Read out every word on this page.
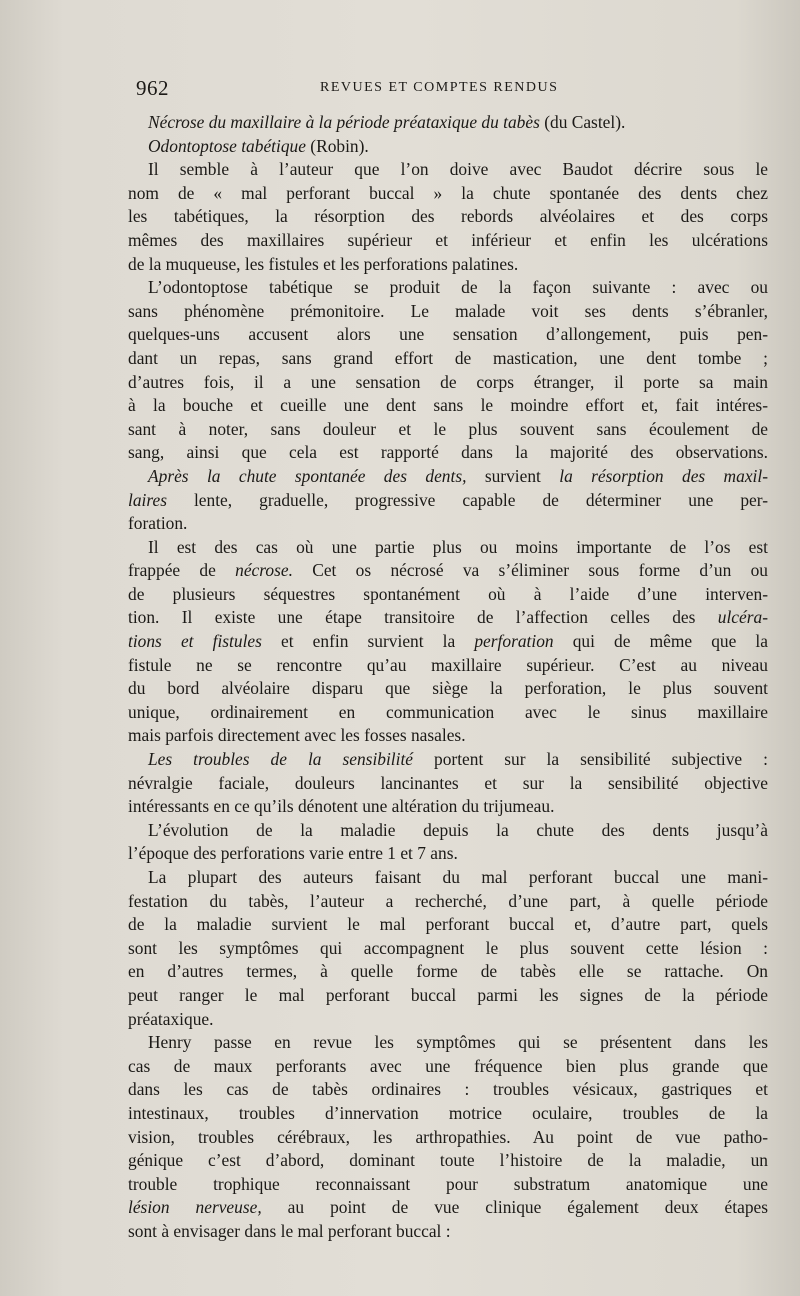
962	REVUES ET COMPTES RENDUS
Nécrose du maxillaire à la période préataxique du tabès (du Castel).
Odontoptose tabétique (Robin).
Il semble à l’auteur que l’on doive avec Baudot décrire sous le
nom de « mal perforant buccal » la chute spontanée des dents chez
les tabétiques, la résorption des rebords alvéolaires et des corps
mêmes des maxillaires supérieur et inférieur et enfin les ulcérations
de la muqueuse, les fistules et les perforations palatines.
L’odontoptose tabétique se produit de la façon suivante : avec ou
sans phénomène prémonitoire. Le malade voit ses dents s’ébranler,
quelques-uns accusent alors une sensation d’allongement, puis pen-
dant un repas, sans grand effort de mastication, une dent tombe ;
d’autres fois, il a une sensation de corps étranger, il porte sa main
à la bouche et cueille une dent sans le moindre effort et, fait intéres-
sant à noter, sans douleur et le plus souvent sans écoulement de
sang, ainsi que cela est rapporté dans la majorité des observations.
Après la chute spontanée des dents, survient la résorption des maxil-
laires lente, graduelle, progressive capable de déterminer une per-
foration.
Il est des cas où une partie plus ou moins importante de l’os est
frappée de nécrose. Cet os nécrosé va s’éliminer sous forme d’un ou
de plusieurs séquestres spontanément où à l’aide d’une interven-
tion. Il existe une étape transitoire de l’affection celles des ulcéra-
tions et fistules et enfin survient la perforation qui de même que la
fistule ne se rencontre qu’au maxillaire supérieur. C’est au niveau
du bord alvéolaire disparu que siège la perforation, le plus souvent
unique, ordinairement en communication avec le sinus maxillaire
mais parfois directement avec les fosses nasales.
Les troubles de la sensibilité portent sur la sensibilité subjective :
névralgie faciale, douleurs lancinantes et sur la sensibilité objective
intéressants en ce qu’ils dénotent une altération du trijumeau.
L’évolution de la maladie depuis la chute des dents jusqu’à
l’époque des perforations varie entre 1 et 7 ans.
La plupart des auteurs faisant du mal perforant buccal une mani-
festation du tabès, l’auteur a recherché, d’une part, à quelle période
de la maladie survient le mal perforant buccal et, d’autre part, quels
sont les symptômes qui accompagnent le plus souvent cette lésion :
en d’autres termes, à quelle forme de tabès elle se rattache. On
peut ranger le mal perforant buccal parmi les signes de la période
préataxique.
Henry passe en revue les symptômes qui se présentent dans les
cas de maux perforants avec une fréquence bien plus grande que
dans les cas de tabès ordinaires : troubles vésicaux, gastriques et
intestinaux, troubles d’innervation motrice oculaire, troubles de la
vision, troubles cérébraux, les arthropathies. Au point de vue patho-
génique c’est d’abord, dominant toute l’histoire de la maladie, un
trouble trophique reconnaissant pour substratum anatomique une
lésion nerveuse, au point de vue clinique également deux étapes
sont à envisager dans le mal perforant buccal :
